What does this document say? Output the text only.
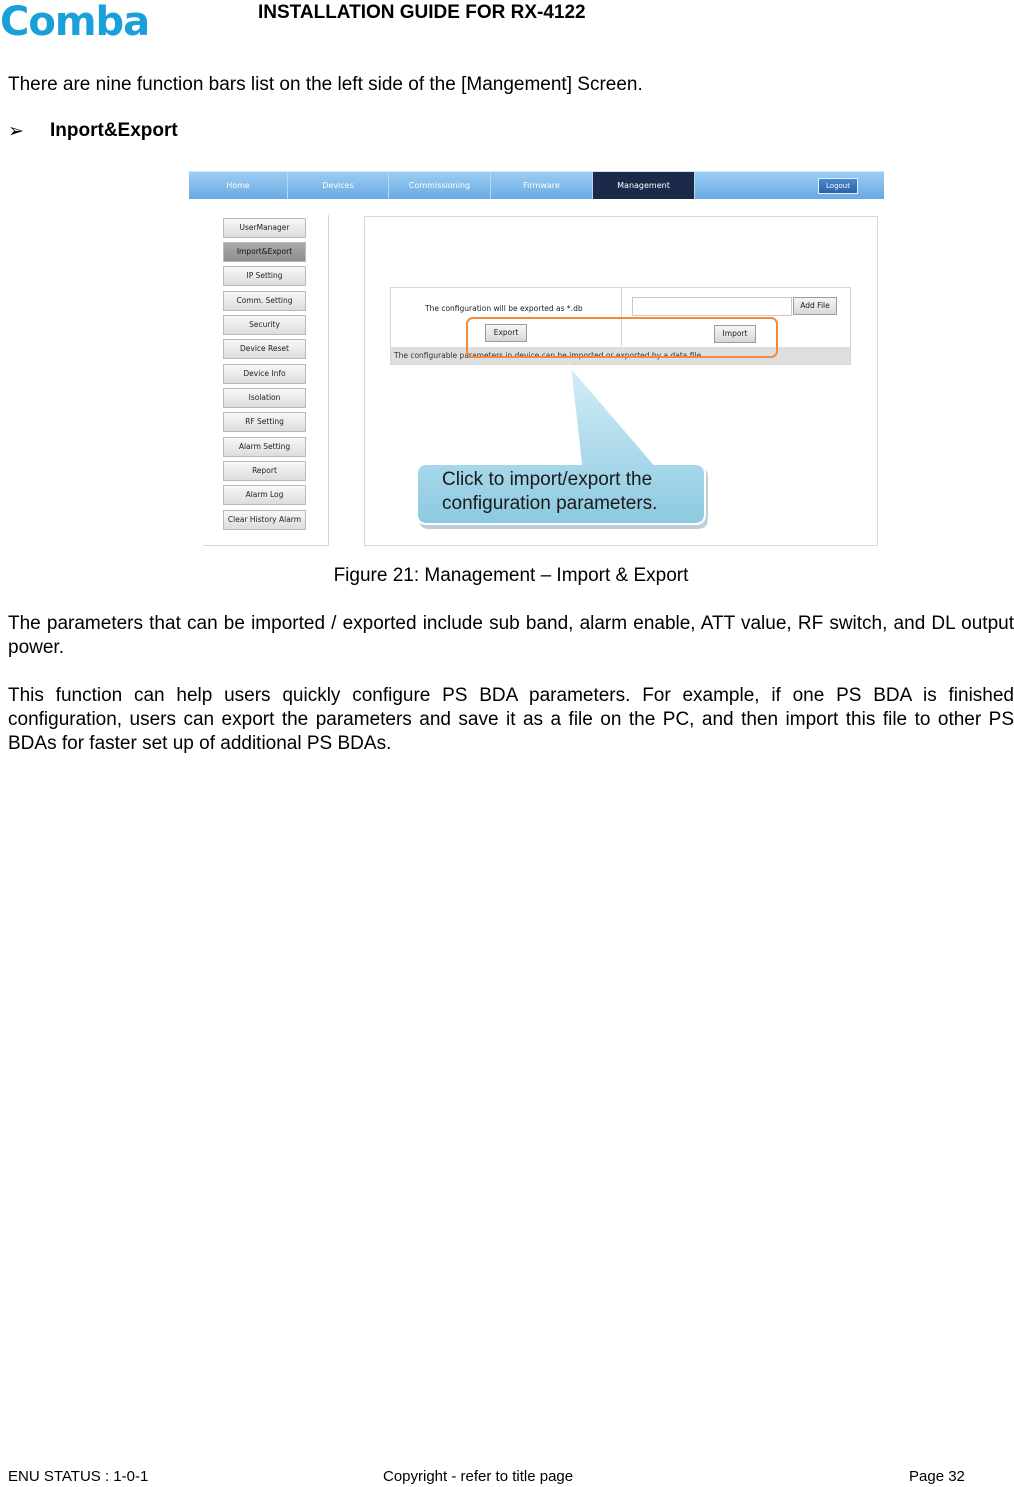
Comba	INSTALLATION GUIDE FOR RX-4122
There are nine function bars list on the left side of the [Mangement] Screen.
➢ Inport&Export
Home	Devices	Commissioning	Firmware	Management	Logout
UserManager
Import&Export
IP Setting
Comm. Setting
Security
Device Reset
Device Info
Isolation
RF Setting
Alarm Setting
Report
Alarm Log
Clear History Alarm
The configuration will be exported as *.db
Export
Add File
Import
The configurable parameters in device can be imported or exported by a data file.
Click to import/export the
configuration parameters.
Figure 21: Management – Import & Export
The parameters that can be imported / exported include sub band, alarm enable, ATT value, RF switch, and DL output power.
This function can help users quickly configure PS BDA parameters. For example, if one PS BDA is finished configuration, users can export the parameters and save it as a file on the PC, and then import this file to other PS BDAs for faster set up of additional PS BDAs.
ENU STATUS : 1-0-1	Copyright - refer to title page	Page 32
